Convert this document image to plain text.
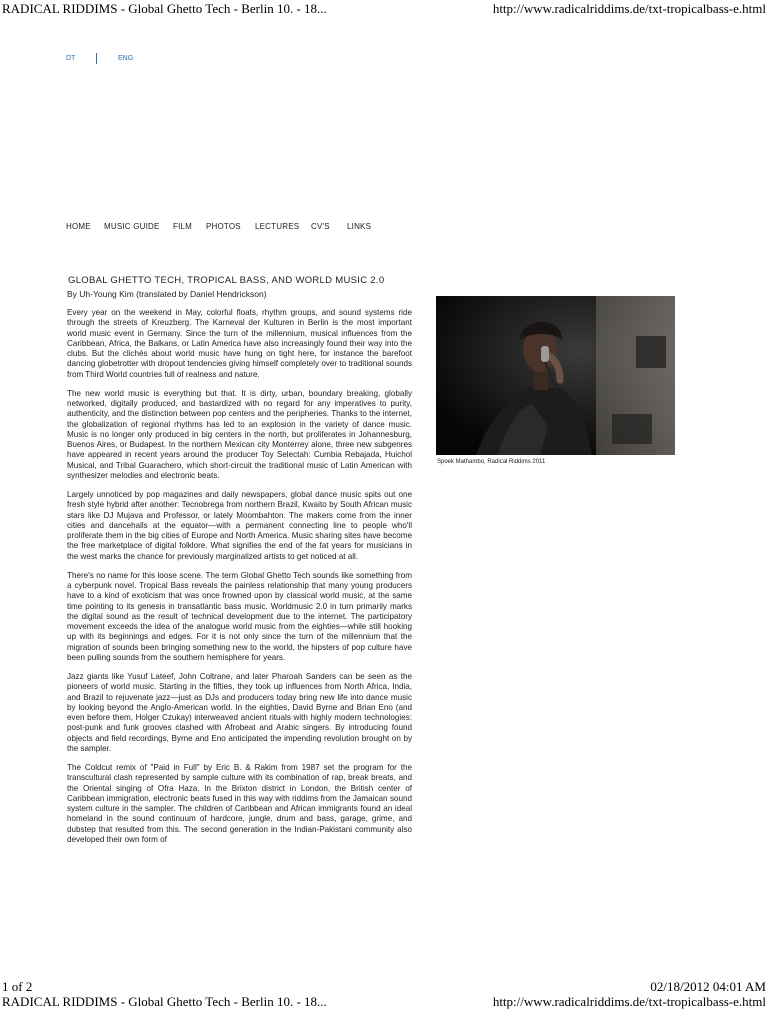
RADICAL RIDDIMS - Global Ghetto Tech - Berlin 10. - 18...	http://www.radicalriddims.de/txt-tropicalbass-e.html
DT	ENG
HOME MUSIC GUIDE FILM PHOTOS LECTURES CV'S LINKS
GLOBAL GHETTO TECH, TROPICAL BASS, AND WORLD MUSIC 2.0
By Uh-Young Kim (translated by Daniel Hendrickson)

Every year on the weekend in May, colorful floats, rhythm groups, and sound systems ride through the streets of Kreuzberg. The Karneval der Kulturen in Berlin is the most important world music event in Germany. Since the turn of the millennium, musical influences from the Caribbean, Africa, the Balkans, or Latin America have also increasingly found their way into the clubs. But the clichés about world music have hung on tight here, for instance the barefoot dancing globetrotter with dropout tendencies giving himself completely over to traditional sounds from Third World countries full of realness and nature.

The new world music is everything but that. It is dirty, urban, boundary breaking, globally networked, digitally produced, and bastardized with no regard for any imperatives to purity, authenticity, and the distinction between pop centers and the peripheries. Thanks to the internet, the globalization of regional rhythms has led to an explosion in the variety of dance music. Music is no longer only produced in big centers in the north, but proliferates in Johannesburg, Buenos Aires, or Budapest. In the northern Mexican city Monterrey alone, three new subgenres have appeared in recent years around the producer Toy Selectah: Cumbia Rebajada, Huichol Musical, and Tribal Guarachero, which short-circuit the traditional music of Latin American with synthesizer melodies and electronic beats.

Largely unnoticed by pop magazines and daily newspapers, global dance music spits out one fresh style hybrid after another: Tecnobrega from northern Brazil, Kwaito by South African music stars like DJ Mujava and Professor, or lately Moombahton. The makers come from the inner cities and dancehalls at the equator—with a permanent connecting line to people who'll proliferate them in the big cities of Europe and North America. Music sharing sites have become the free marketplace of digital folklore. What signifies the end of the fat years for musicians in the west marks the chance for previously marginalized artists to get noticed at all.

There's no name for this loose scene. The term Global Ghetto Tech sounds like something from a cyberpunk novel. Tropical Bass reveals the painless relationship that many young producers have to a kind of exoticism that was once frowned upon by classical world music, at the same time pointing to its genesis in transatlantic bass music. Worldmusic 2.0 in turn primarily marks the digital sound as the result of technical development due to the internet. The participatory movement exceeds the idea of the analogue world music from the eighties—while still hooking up with its beginnings and edges. For it is not only since the turn of the millennium that the migration of sounds been bringing something new to the world, the hipsters of pop culture have been pulling sounds from the southern hemisphere for years.

Jazz giants like Yusuf Lateef, John Coltrane, and later Pharoah Sanders can be seen as the pioneers of world music. Starting in the fifties, they took up influences from North Africa, India, and Brazil to rejuvenate jazz—just as DJs and producers today bring new life into dance music by looking beyond the Anglo-American world. In the eighties, David Byrne and Brian Eno (and even before them, Holger Czukay) interweaved ancient rituals with highly modern technologies: post-punk and funk grooves clashed with Afrobeat and Arabic singers. By introducing found objects and field recordings, Byrne and Eno anticipated the impending revolution brought on by the sampler.

The Coldcut remix of "Paid in Full" by Eric B. & Rakim from 1987 set the program for the transcultural clash represented by sample culture with its combination of rap, break breats, and the Oriental singing of Ofra Haza. In the Brixton district in London, the British center of Caribbean immigration, electronic beats fused in this way with riddims from the Jamaican sound system culture in the sampler. The children of Caribbean and African immigrants found an ideal homeland in the sound continuum of hardcore, jungle, drum and bass, garage, grime, and dubstep that resulted from this. The second generation in the Indian-Pakistani community also developed their own form of

Spoek Mathambo, Radical Riddims 2011
1 of 2	02/18/2012 04:01 AM
RADICAL RIDDIMS - Global Ghetto Tech - Berlin 10. - 18...	http://www.radicalriddims.de/txt-tropicalbass-e.html
